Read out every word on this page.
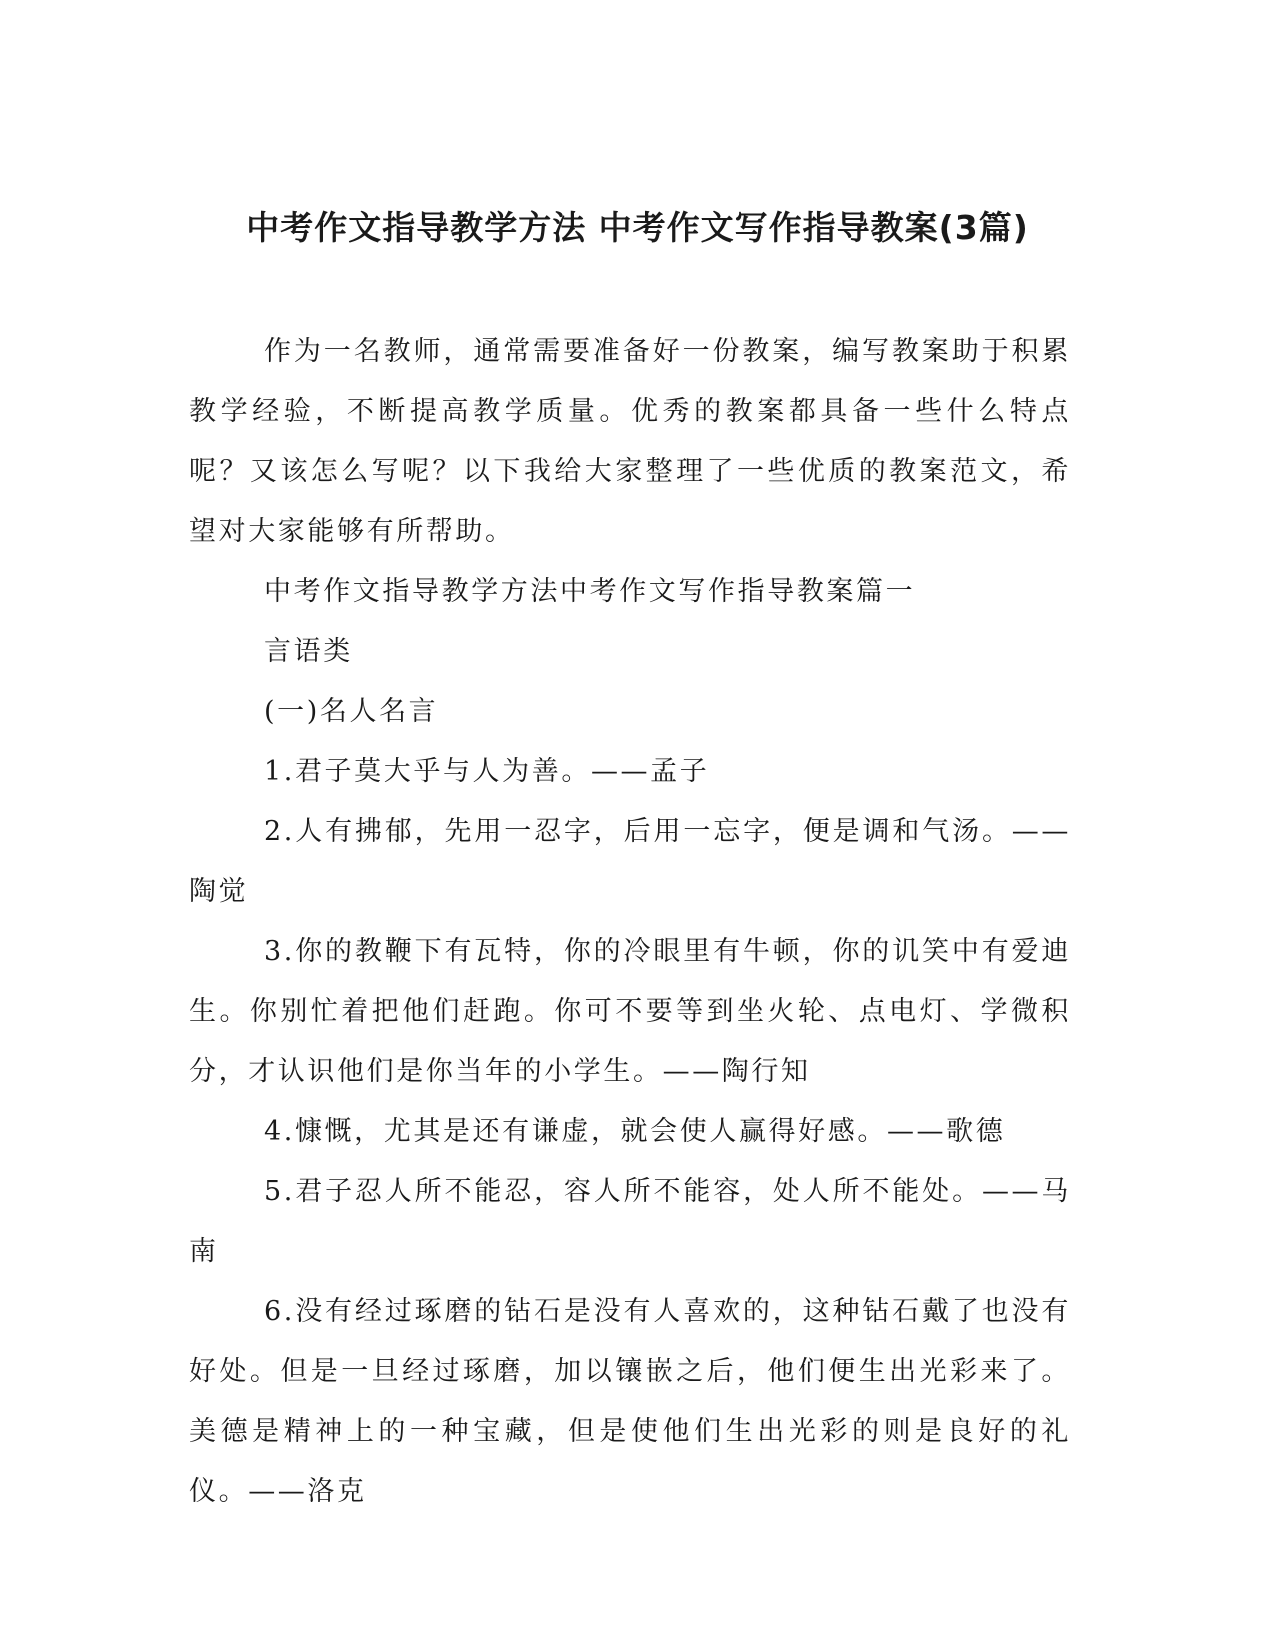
中考作文指导教学方法 中考作文写作指导教案(3篇)

作为一名教师，通常需要准备好一份教案，编写教案助于积累教学经验，不断提高教学质量。优秀的教案都具备一些什么特点呢？又该怎么写呢？以下我给大家整理了一些优质的教案范文，希望对大家能够有所帮助。

中考作文指导教学方法中考作文写作指导教案篇一

言语类

(一)名人名言

1.君子莫大乎与人为善。——孟子

2.人有拂郁，先用一忍字，后用一忘字，便是调和气汤。——陶觉

3.你的教鞭下有瓦特，你的冷眼里有牛顿，你的讥笑中有爱迪生。你别忙着把他们赶跑。你可不要等到坐火轮、点电灯、学微积分，才认识他们是你当年的小学生。——陶行知

4.慷慨，尤其是还有谦虚，就会使人赢得好感。——歌德

5.君子忍人所不能忍，容人所不能容，处人所不能处。——马南

6.没有经过琢磨的钻石是没有人喜欢的，这种钻石戴了也没有好处。但是一旦经过琢磨，加以镶嵌之后，他们便生出光彩来了。美德是精神上的一种宝藏，但是使他们生出光彩的则是良好的礼仪。——洛克
